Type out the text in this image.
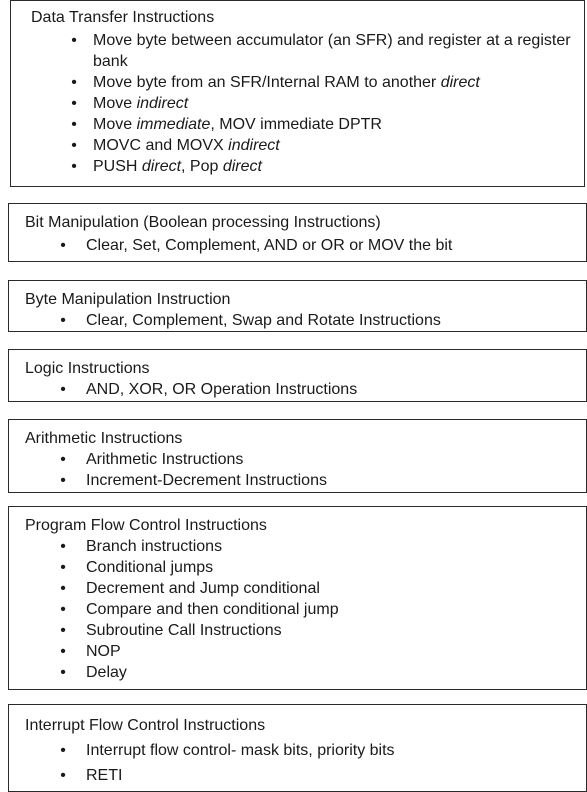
Data Transfer Instructions
• Move byte between accumulator (an SFR) and register at a register bank
• Move byte from an SFR/Internal RAM to another direct
• Move indirect
• Move immediate, MOV immediate DPTR
• MOVC and MOVX indirect
• PUSH direct, Pop direct
Bit Manipulation (Boolean processing Instructions)
• Clear, Set, Complement, AND or OR or MOV the bit
Byte Manipulation Instruction
• Clear, Complement, Swap and Rotate Instructions
Logic Instructions
• AND, XOR, OR Operation Instructions
Arithmetic Instructions
• Arithmetic Instructions
• Increment-Decrement Instructions
Program Flow Control Instructions
• Branch instructions
• Conditional jumps
• Decrement and Jump conditional
• Compare and then conditional jump
• Subroutine Call Instructions
• NOP
• Delay
Interrupt Flow Control Instructions
• Interrupt flow control- mask bits, priority bits
• RETI
